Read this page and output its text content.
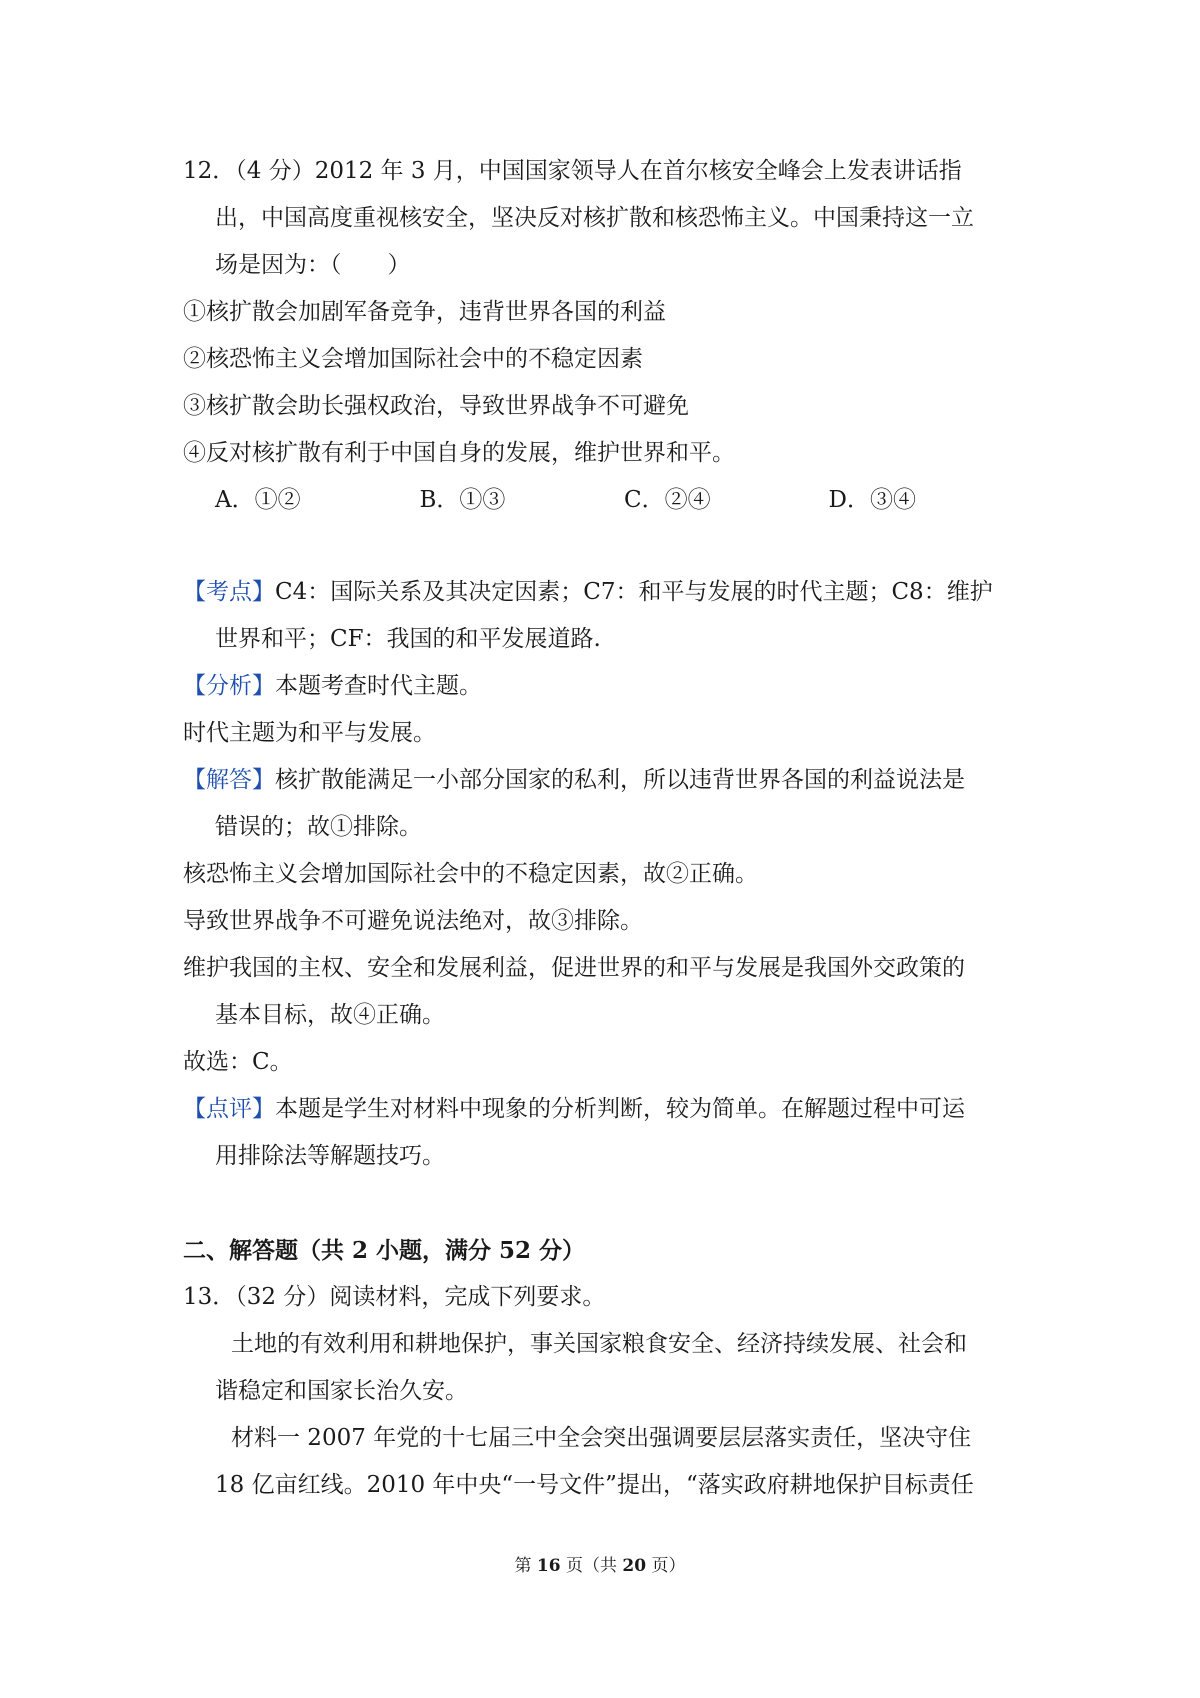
12．（4 分）2012 年 3 月，中国国家领导人在首尔核安全峰会上发表讲话指
出，中国高度重视核安全，坚决反对核扩散和核恐怖主义。中国秉持这一立
场是因为：（　　）
①核扩散会加剧军备竞争，违背世界各国的利益
②核恐怖主义会增加国际社会中的不稳定因素
③核扩散会助长强权政治，导致世界战争不可避免
④反对核扩散有利于中国自身的发展，维护世界和平。
A．①②	B．①③	C．②④	D．③④
【考点】C4：国际关系及其决定因素；C7：和平与发展的时代主题；C8：维护
世界和平；CF：我国的和平发展道路.
【分析】本题考查时代主题。
时代主题为和平与发展。
【解答】核扩散能满足一小部分国家的私利，所以违背世界各国的利益说法是
错误的；故①排除。
核恐怖主义会增加国际社会中的不稳定因素，故②正确。
导致世界战争不可避免说法绝对，故③排除。
维护我国的主权、安全和发展利益，促进世界的和平与发展是我国外交政策的
基本目标，故④正确。
故选：C。
【点评】本题是学生对材料中现象的分析判断，较为简单。在解题过程中可运
用排除法等解题技巧。
二、解答题（共 2 小题，满分 52 分）
13．（32 分）阅读材料，完成下列要求。
土地的有效利用和耕地保护，事关国家粮食安全、经济持续发展、社会和
谐稳定和国家长治久安。
材料一 2007 年党的十七届三中全会突出强调要层层落实责任，坚决守住
18 亿亩红线。2010 年中央“一号文件”提出，“落实政府耕地保护目标责任
第 16 页（共 20 页）
